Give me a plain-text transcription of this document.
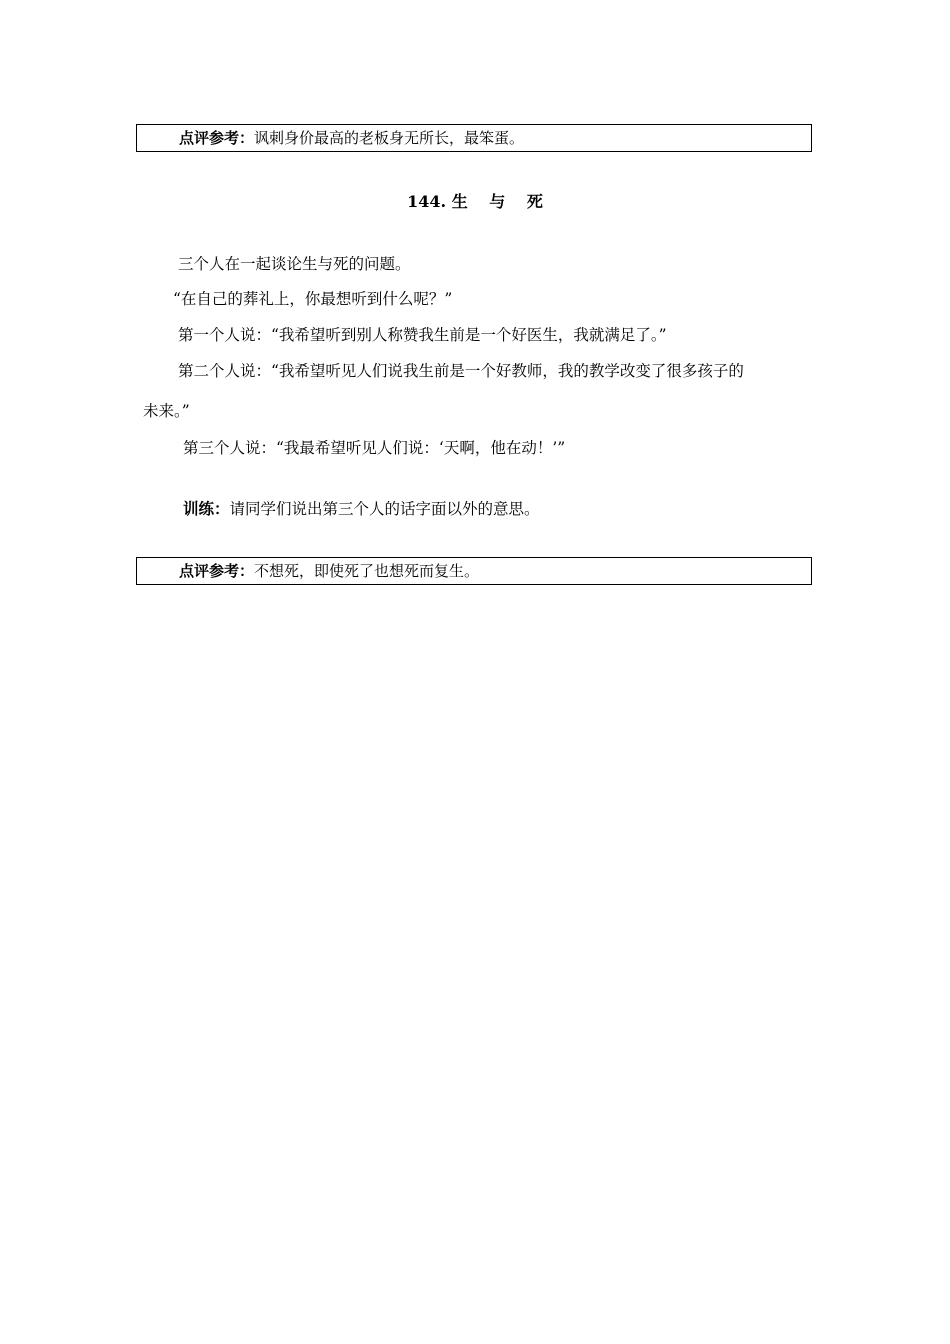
点评参考：讽刺身价最高的老板身无所长，最笨蛋。
144. 生　 与　 死
三个人在一起谈论生与死的问题。
“在自己的葬礼上，你最想听到什么呢？”
第一个人说：“我希望听到别人称赞我生前是一个好医生，我就满足了。”
第二个人说：“我希望听见人们说我生前是一个好教师，我的教学改变了很多孩子的
未来。”
第三个人说：“我最希望听见人们说：‘天啊，他在动！’”
训练：请同学们说出第三个人的话字面以外的意思。
点评参考：不想死，即使死了也想死而复生。
